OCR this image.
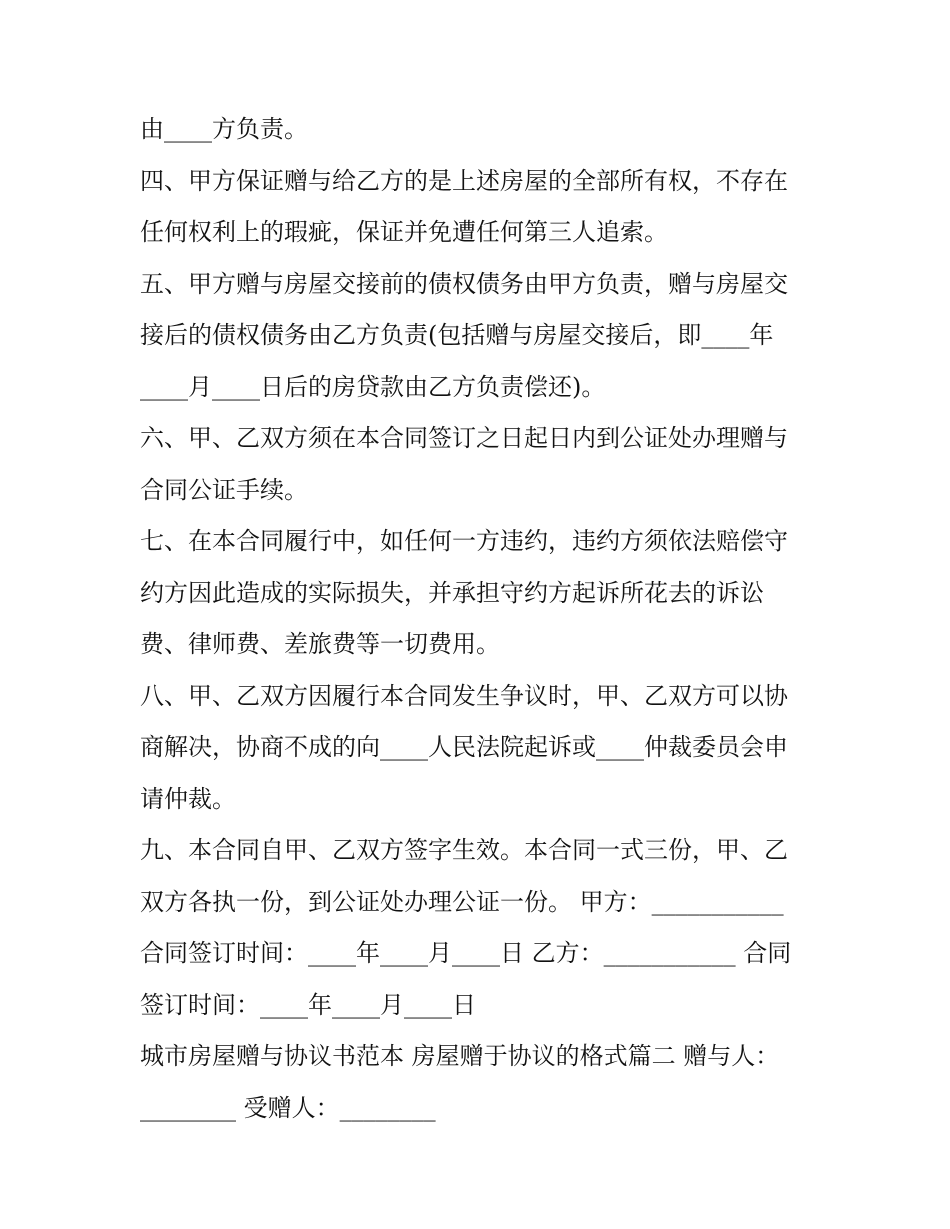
由____方负责。
四、甲方保证赠与给乙方的是上述房屋的全部所有权，不存在
任何权利上的瑕疵，保证并免遭任何第三人追索。
五、甲方赠与房屋交接前的债权债务由甲方负责，赠与房屋交
接后的债权债务由乙方负责(包括赠与房屋交接后，即____年
____月____日后的房贷款由乙方负责偿还)。
六、甲、乙双方须在本合同签订之日起日内到公证处办理赠与
合同公证手续。
七、在本合同履行中，如任何一方违约，违约方须依法赔偿守
约方因此造成的实际损失，并承担守约方起诉所花去的诉讼
费、律师费、差旅费等一切费用。
八、甲、乙双方因履行本合同发生争议时，甲、乙双方可以协
商解决，协商不成的向____人民法院起诉或____仲裁委员会申
请仲裁。
九、本合同自甲、乙双方签字生效。本合同一式三份，甲、乙
双方各执一份，到公证处办理公证一份。 甲方：___________
合同签订时间：____年____月____日 乙方：___________ 合同
签订时间：____年____月____日
城市房屋赠与协议书范本 房屋赠于协议的格式篇二 赠与人：
________ 受赠人：________
